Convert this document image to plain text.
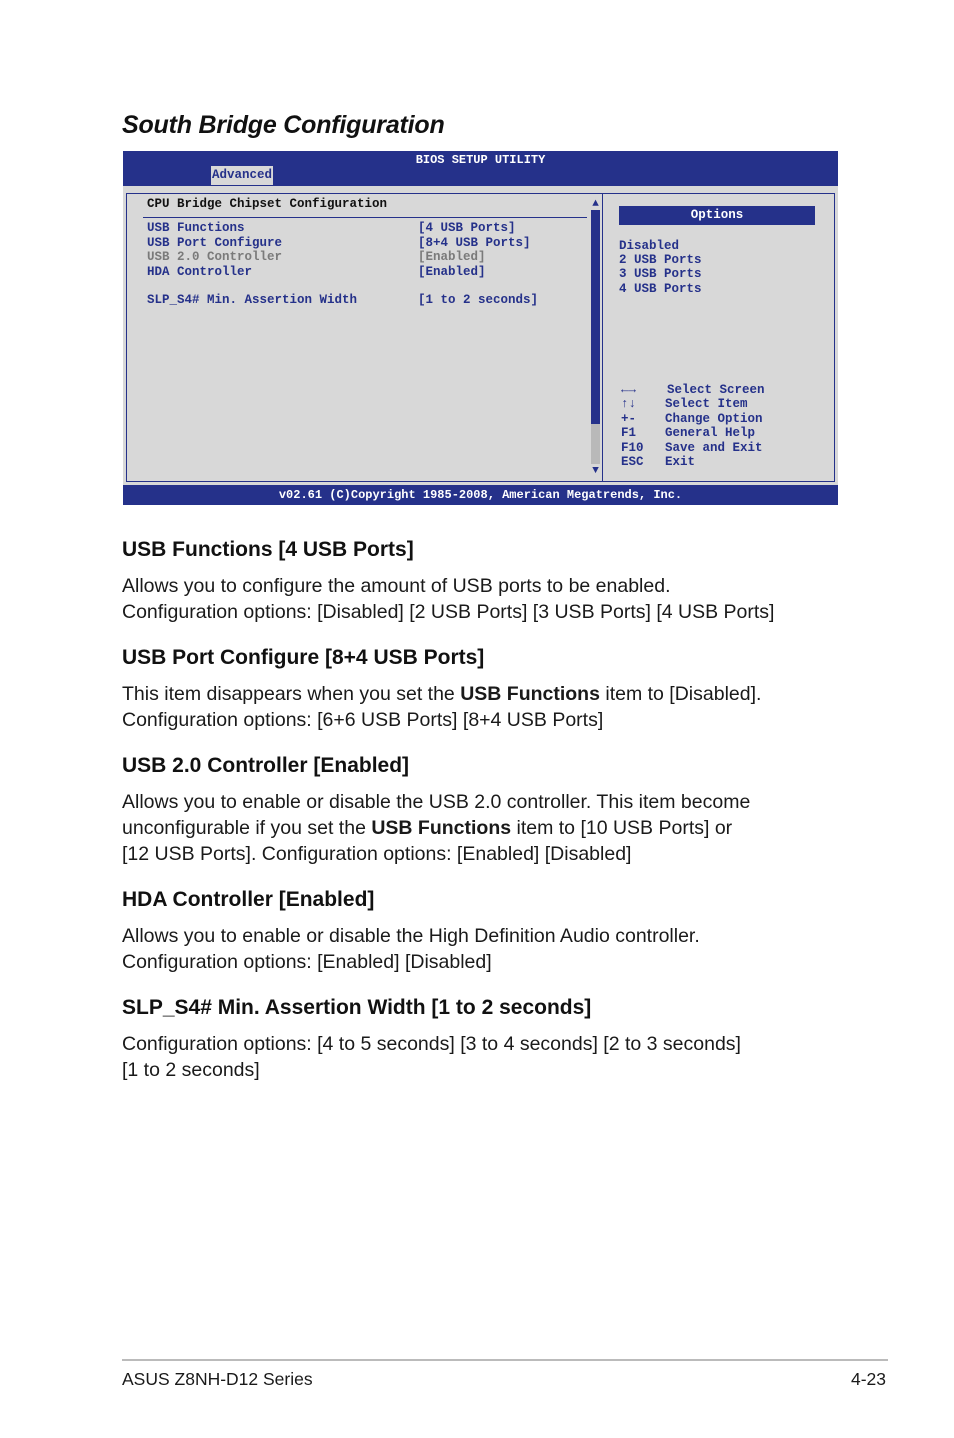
South Bridge Configuration
BIOS SETUP UTILITY
Advanced
CPU Bridge Chipset Configuration
USB Functions	[4 USB Ports]
USB Port Configure	[8+4 USB Ports]
USB 2.0 Controller	[Enabled]
HDA Controller	[Enabled]
SLP_S4# Min. Assertion Width	[1 to 2 seconds]
▲
▼
Options
Disabled
2 USB Ports
3 USB Ports
4 USB Ports
←→ Select Screen
↑↓ Select Item
+- Change Option
F1 General Help
F10 Save and Exit
ESC Exit
v02.61 (C)Copyright 1985-2008, American Megatrends, Inc.
USB Functions [4 USB Ports]

Allows you to configure the amount of USB ports to be enabled.
Configuration options: [Disabled] [2 USB Ports] [3 USB Ports] [4 USB Ports]

USB Port Configure [8+4 USB Ports]

This item disappears when you set the USB Functions item to [Disabled].
Configuration options: [6+6 USB Ports] [8+4 USB Ports]

USB 2.0 Controller [Enabled]

Allows you to enable or disable the USB 2.0 controller. This item become
unconfigurable if you set the USB Functions item to [10 USB Ports] or
[12 USB Ports]. Configuration options: [Enabled] [Disabled]

HDA Controller [Enabled]

Allows you to enable or disable the High Definition Audio controller.
Configuration options: [Enabled] [Disabled]

SLP_S4# Min. Assertion Width [1 to 2 seconds]

Configuration options: [4 to 5 seconds] [3 to 4 seconds] [2 to 3 seconds]
[1 to 2 seconds]

ASUS Z8NH-D12 Series	4-23
